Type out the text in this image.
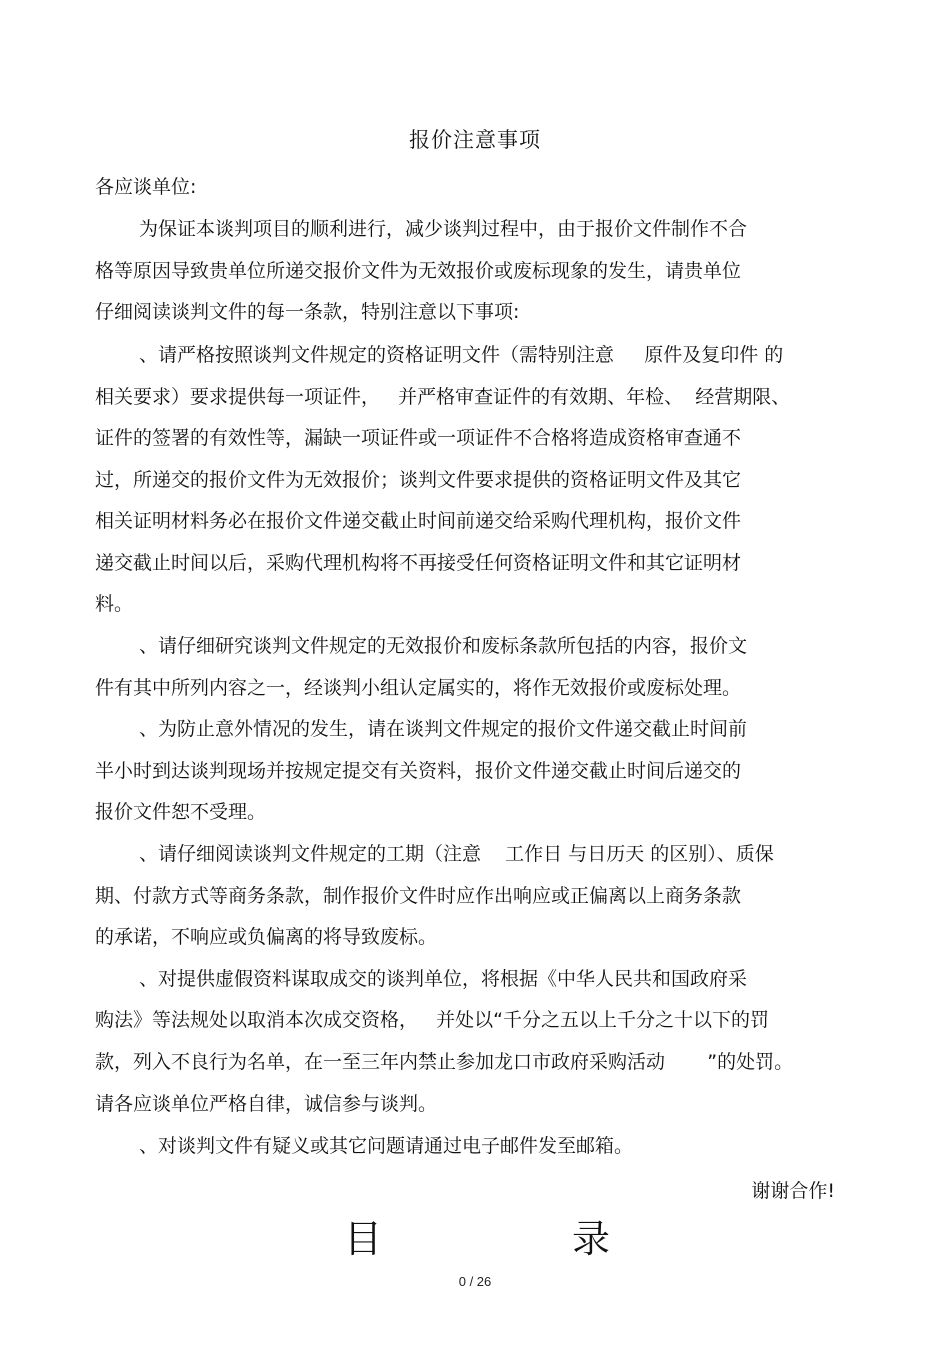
报价注意事项
各应谈单位:
为保证本谈判项目的顺利进行，减少谈判过程中，由于报价文件制作不合
格等原因导致贵单位所递交报价文件为无效报价或废标现象的发生，请贵单位
仔细阅读谈判文件的每一条款，特别注意以下事项:
、请严格按照谈判文件规定的资格证明文件（需特别注意     原件及复印件 的
相关要求）要求提供每一项证件，   并严格审查证件的有效期、年检、  经营期限、
证件的签署的有效性等，漏缺一项证件或一项证件不合格将造成资格审查通不
过，所递交的报价文件为无效报价；谈判文件要求提供的资格证明文件及其它
相关证明材料务必在报价文件递交截止时间前递交给采购代理机构，报价文件
递交截止时间以后，采购代理机构将不再接受任何资格证明文件和其它证明材
料。
、请仔细研究谈判文件规定的无效报价和废标条款所包括的内容，报价文
件有其中所列内容之一，经谈判小组认定属实的，将作无效报价或废标处理。
、为防止意外情况的发生，请在谈判文件规定的报价文件递交截止时间前
半小时到达谈判现场并按规定提交有关资料，报价文件递交截止时间后递交的
报价文件恕不受理。
、请仔细阅读谈判文件规定的工期（注意    工作日 与日历天 的区别）、质保
期、付款方式等商务条款，制作报价文件时应作出响应或正偏离以上商务条款
的承诺，不响应或负偏离的将导致废标。
、对提供虚假资料谋取成交的谈判单位，将根据《中华人民共和国政府采
购法》等法规处以取消本次成交资格，   并处以“千分之五以上千分之十以下的罚
款，列入不良行为名单，在一至三年内禁止参加龙口市政府采购活动       ”的处罚。
请各应谈单位严格自律，诚信参与谈判。
、对谈判文件有疑义或其它问题请通过电子邮件发至邮箱。
谢谢合作!
目	录
0 / 26
